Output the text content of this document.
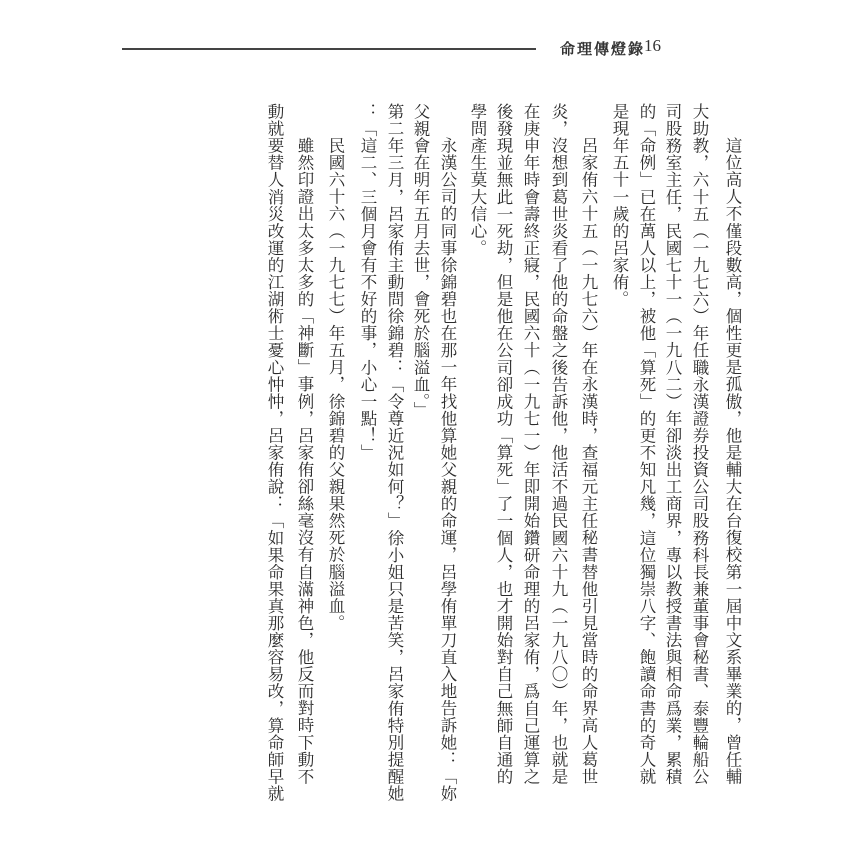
命理傳燈錄
16
這位高人不僅段數高，個性更是孤傲，他是輔大在台復校第一屆中文系畢業的，曾任輔
大助教，六十五（一九七六）年任職永漢證券投資公司股務科長兼董事會秘書、泰豐輪船公
司股務室主任，民國七十一（一九八二）年卻淡出工商界，專以教授書法與相命爲業，累積
的「命例」已在萬人以上，被他「算死」的更不知凡幾，這位獨崇八字、飽讀命書的奇人就
是現年五十一歲的呂家侑。
呂家侑六十五（一九七六）年在永漢時，查福元主任秘書替他引見當時的命界高人葛世
炎，沒想到葛世炎看了他的命盤之後告訴他，他活不過民國六十九（一九八〇）年，也就是
在庚申年時會壽終正寢，民國六十（一九七一）年即開始鑽研命理的呂家侑，爲自己運算之
後發現並無此一死劫，但是他在公司卻成功「算死」了一個人，也才開始對自己無師自通的
學問產生莫大信心。
永漢公司的同事徐錦碧也在那一年找他算她父親的命運，呂學侑單刀直入地告訴她：「妳
父親會在明年五月去世，會死於腦溢血。」
第二年三月，呂家侑主動問徐錦碧：「令尊近況如何？」徐小姐只是苦笑，呂家侑特別提醒她
：「這二、三個月會有不好的事，小心一點！」
民國六十六（一九七七）年五月，徐錦碧的父親果然死於腦溢血。
雖然印證出太多太多的「神斷」事例，呂家侑卻絲毫沒有自滿神色，他反而對時下動不
動就要替人消災改運的江湖術士憂心忡忡，呂家侑說：「如果命果真那麼容易改，算命師早就
